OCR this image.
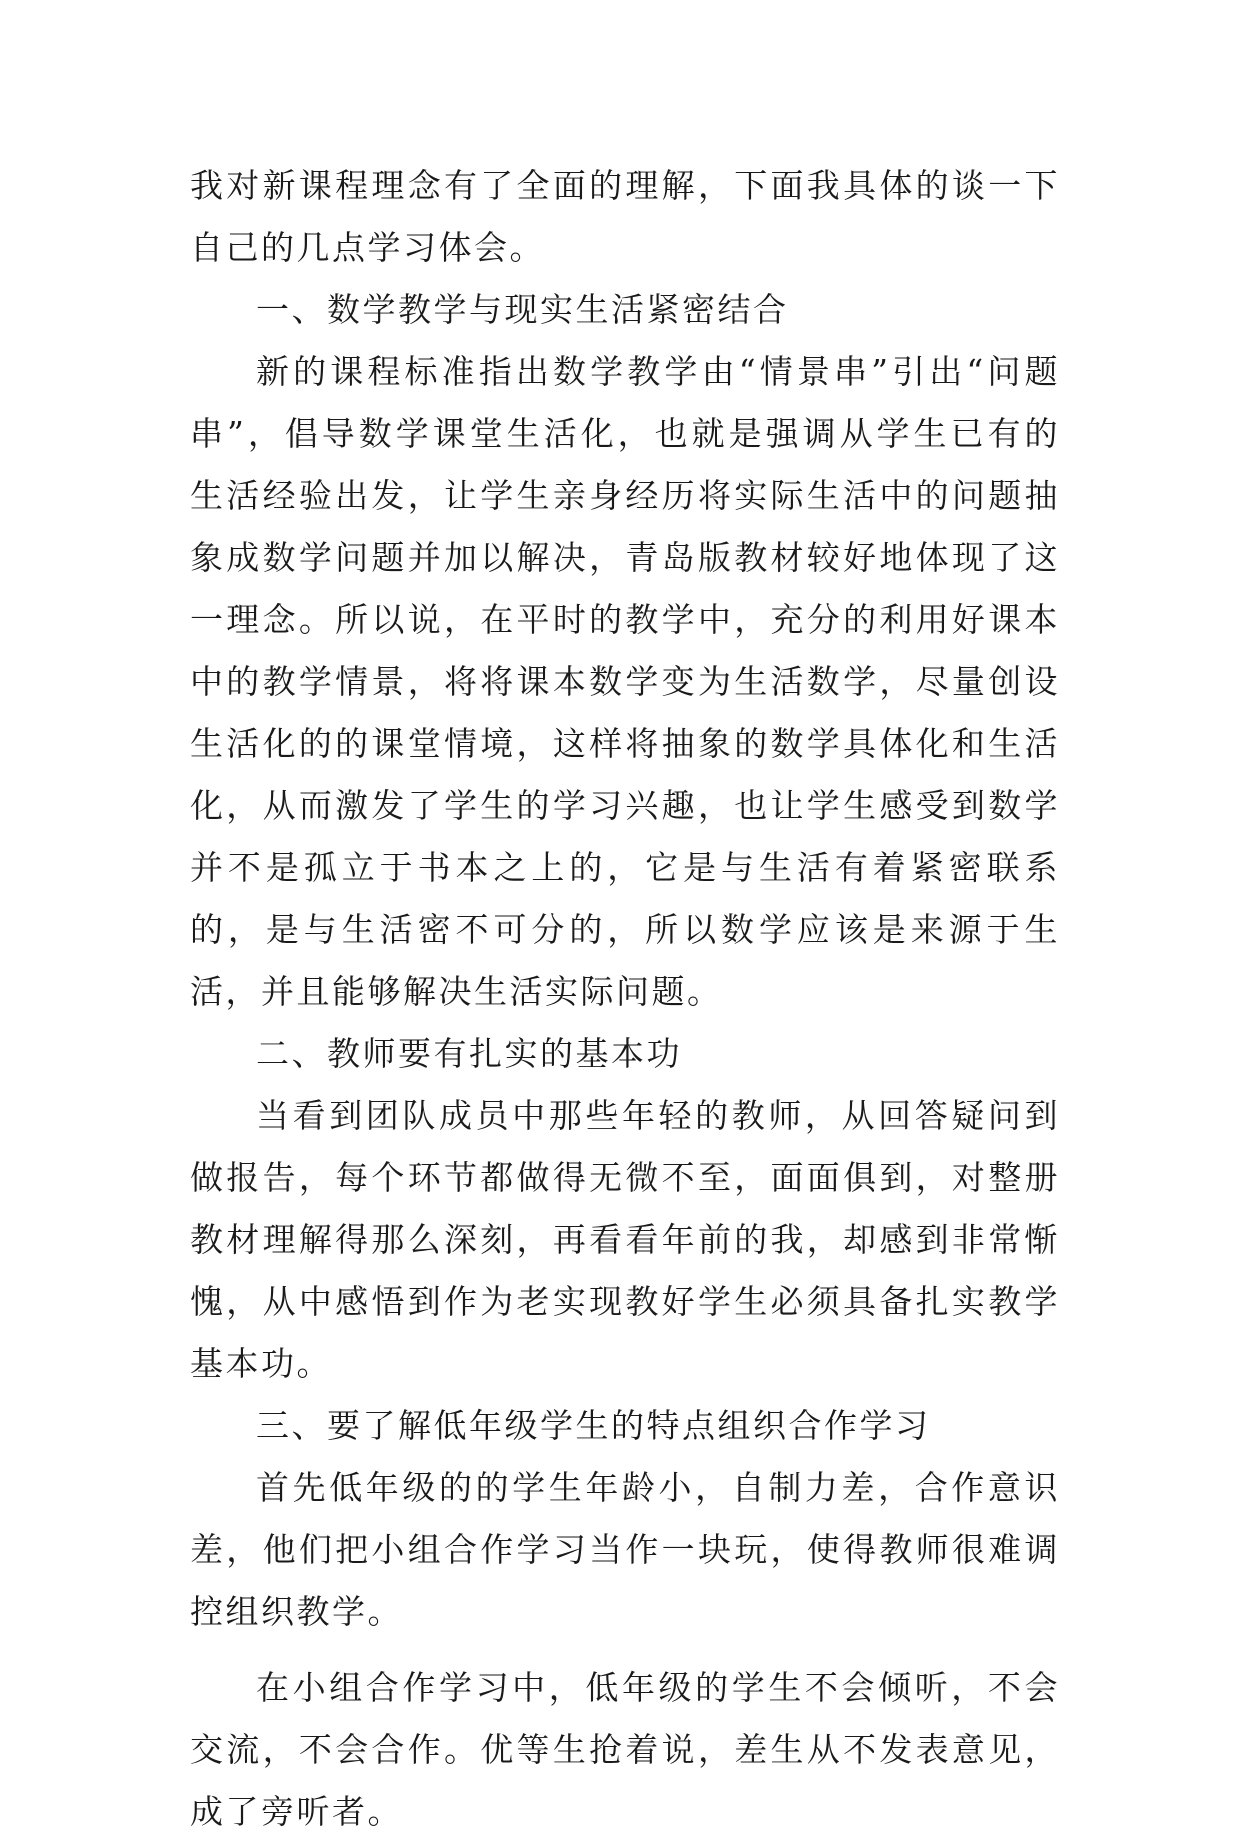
我对新课程理念有了全面的理解，下面我具体的谈一下自己的几点学习体会。

一、数学教学与现实生活紧密结合

新的课程标准指出数学教学由“情景串”引出“问题串”，倡导数学课堂生活化，也就是强调从学生已有的生活经验出发，让学生亲身经历将实际生活中的问题抽象成数学问题并加以解决，青岛版教材较好地体现了这一理念。所以说，在平时的教学中，充分的利用好课本中的教学情景，将将课本数学变为生活数学，尽量创设生活化的的课堂情境，这样将抽象的数学具体化和生活化，从而激发了学生的学习兴趣，也让学生感受到数学并不是孤立于书本之上的，它是与生活有着紧密联系的，是与生活密不可分的，所以数学应该是来源于生活，并且能够解决生活实际问题。

二、教师要有扎实的基本功

当看到团队成员中那些年轻的教师，从回答疑问到做报告，每个环节都做得无微不至，面面俱到，对整册教材理解得那么深刻，再看看年前的我，却感到非常惭愧，从中感悟到作为老实现教好学生必须具备扎实教学基本功。

三、要了解低年级学生的特点组织合作学习

首先低年级的的学生年龄小，自制力差，合作意识差，他们把小组合作学习当作一块玩，使得教师很难调控组织教学。

在小组合作学习中，低年级的学生不会倾听，不会交流，不会合作。优等生抢着说，差生从不发表意见，成了旁听者。
